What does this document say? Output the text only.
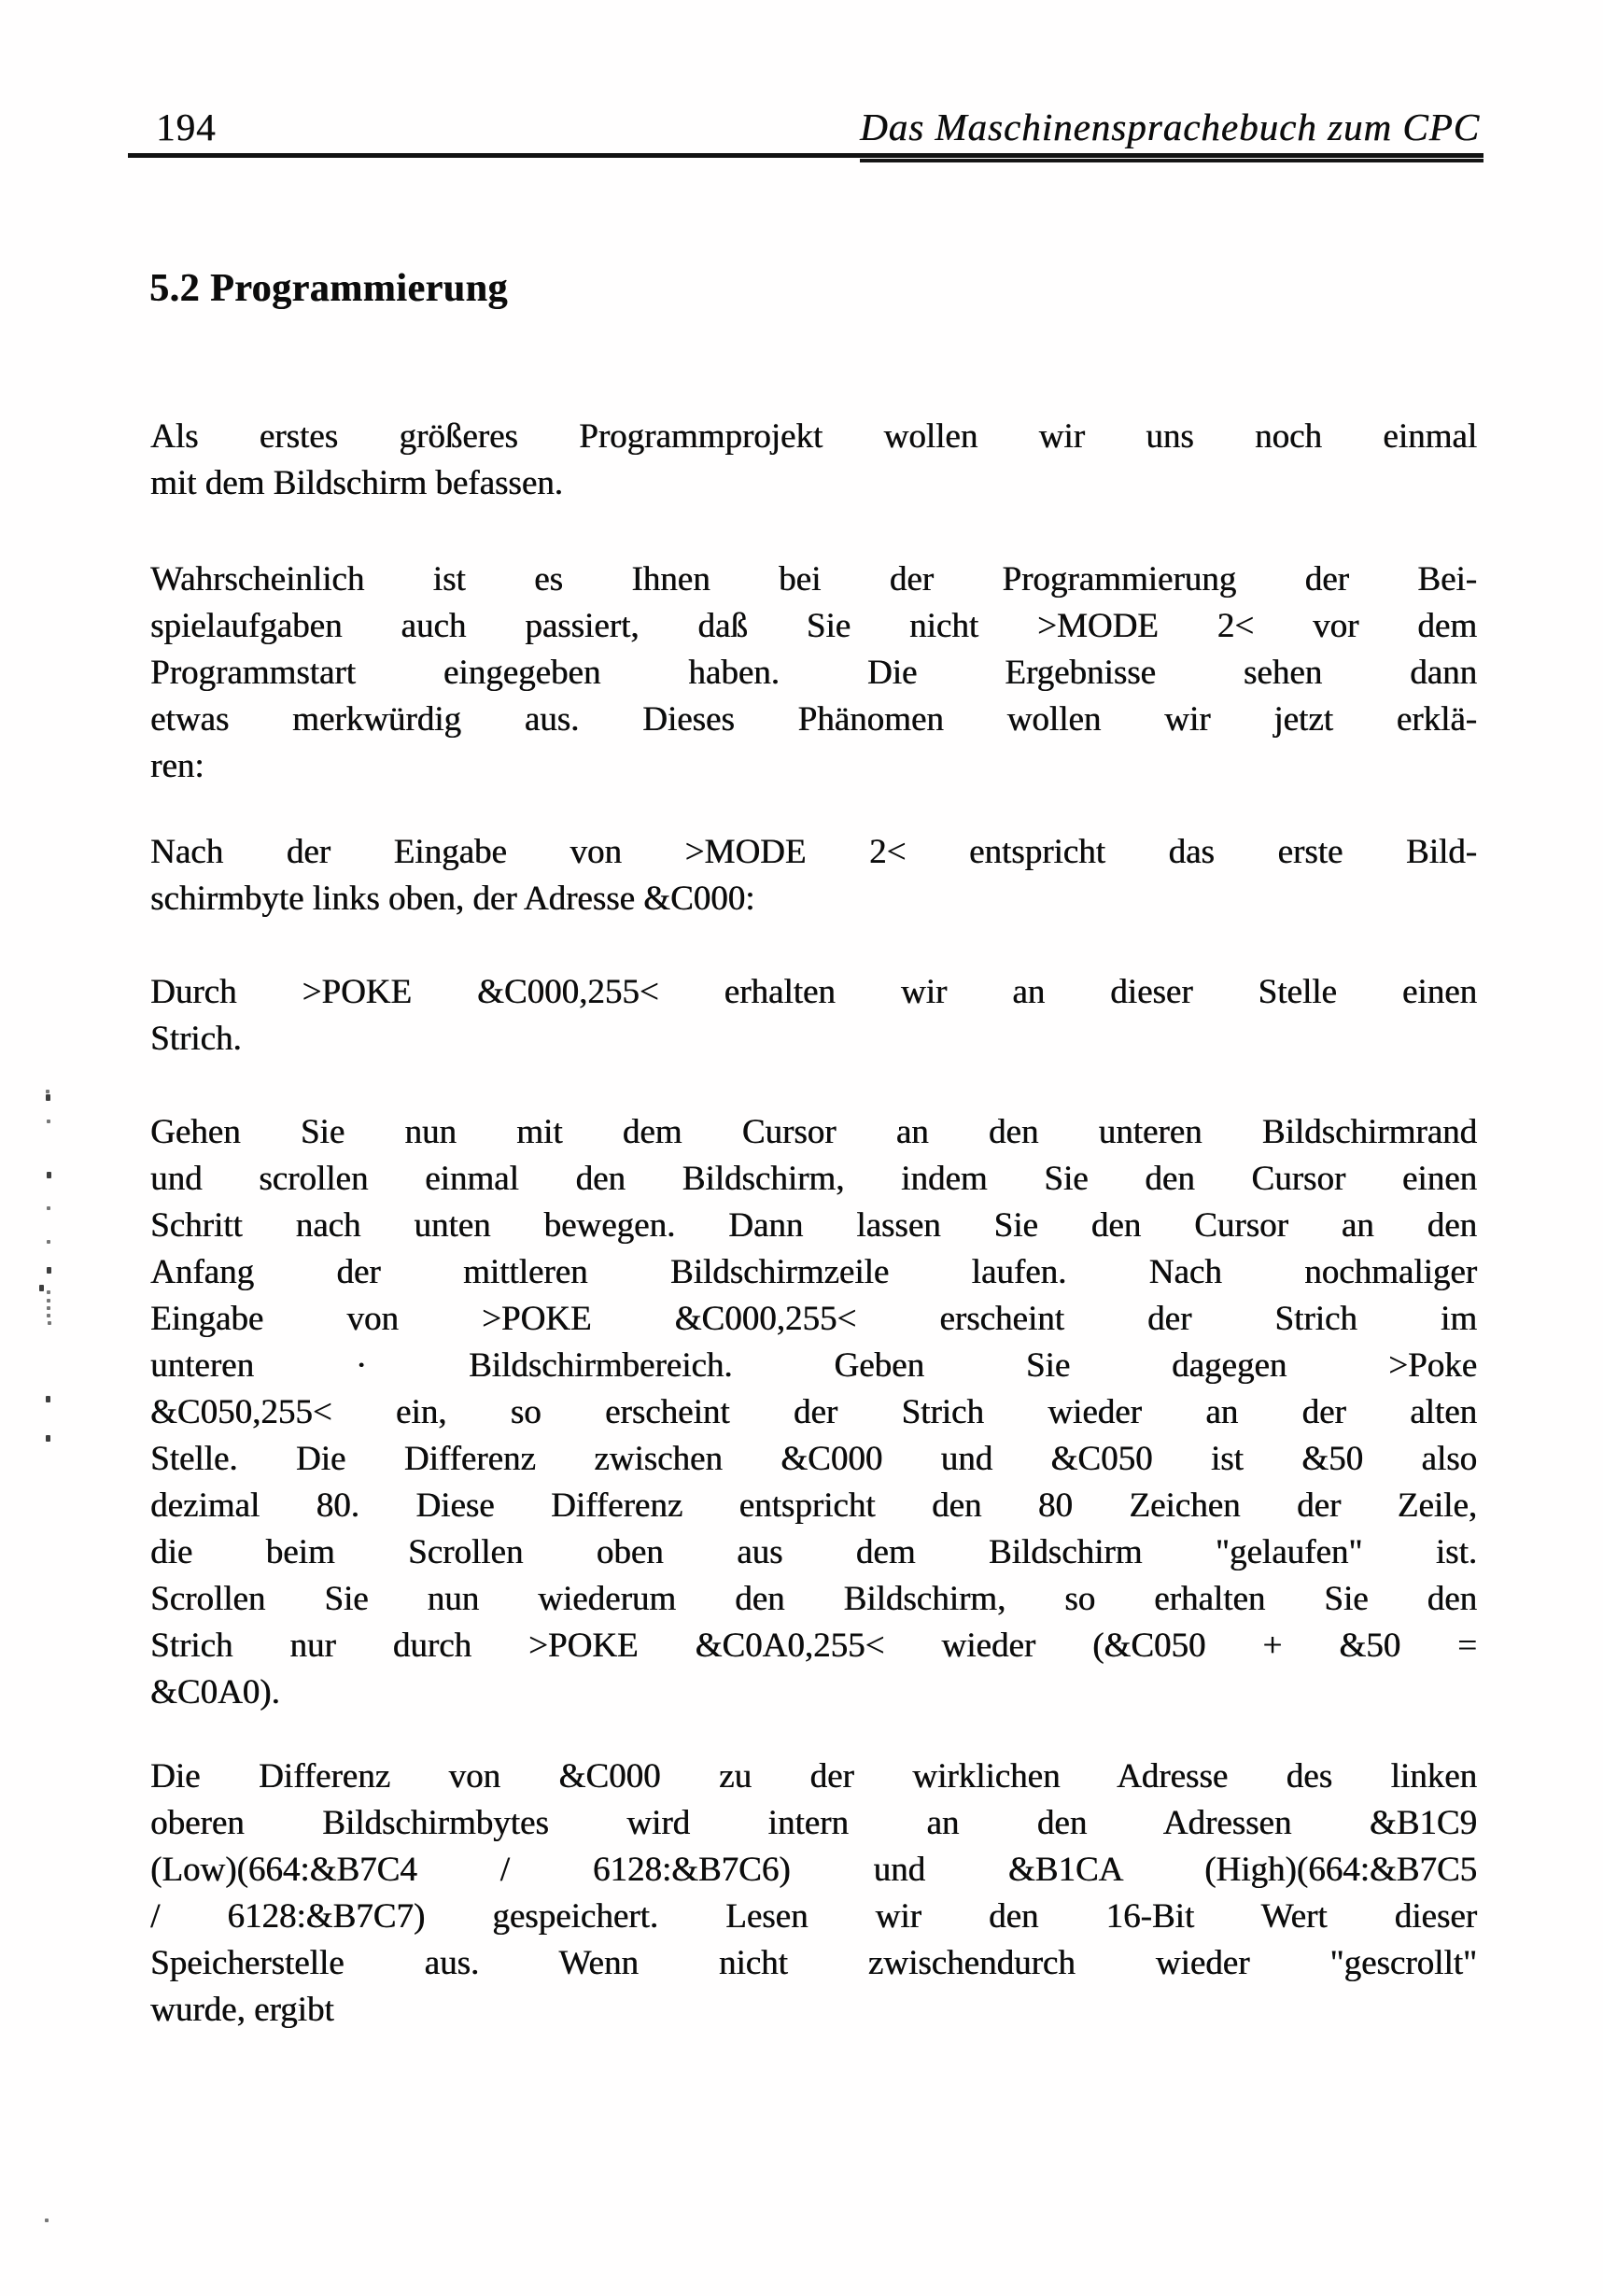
194	Das Maschinensprachebuch zum CPC
5.2 Programmierung
Als erstes größeres Programmprojekt wollen wir uns noch einmal
mit dem Bildschirm befassen.
Wahrscheinlich ist es Ihnen bei der Programmierung der Bei-
spielaufgaben auch passiert, daß Sie nicht >MODE 2< vor dem
Programmstart eingegeben haben. Die Ergebnisse sehen dann
etwas merkwürdig aus. Dieses Phänomen wollen wir jetzt erklä-
ren:
Nach der Eingabe von >MODE 2< entspricht das erste Bild-
schirmbyte links oben, der Adresse &C000:
Durch >POKE &C000,255< erhalten wir an dieser Stelle einen
Strich.
Gehen Sie nun mit dem Cursor an den unteren Bildschirmrand
und scrollen einmal den Bildschirm, indem Sie den Cursor einen
Schritt nach unten bewegen. Dann lassen Sie den Cursor an den
Anfang der mittleren Bildschirmzeile laufen. Nach nochmaliger
Eingabe von >POKE &C000,255< erscheint der Strich im
unteren · Bildschirmbereich. Geben Sie dagegen >Poke
&C050,255< ein, so erscheint der Strich wieder an der alten
Stelle. Die Differenz zwischen &C000 und &C050 ist &50 also
dezimal 80. Diese Differenz entspricht den 80 Zeichen der Zeile,
die beim Scrollen oben aus dem Bildschirm "gelaufen" ist.
Scrollen Sie nun wiederum den Bildschirm, so erhalten Sie den
Strich nur durch >POKE &C0A0,255< wieder (&C050 + &50 =
&C0A0).
Die Differenz von &C000 zu der wirklichen Adresse des linken
oberen Bildschirmbytes wird intern an den Adressen &B1C9
(Low)(664:&B7C4 / 6128:&B7C6) und &B1CA (High)(664:&B7C5
/ 6128:&B7C7) gespeichert. Lesen wir den 16-Bit Wert dieser
Speicherstelle aus. Wenn nicht zwischendurch wieder "gescrollt"
wurde, ergibt
